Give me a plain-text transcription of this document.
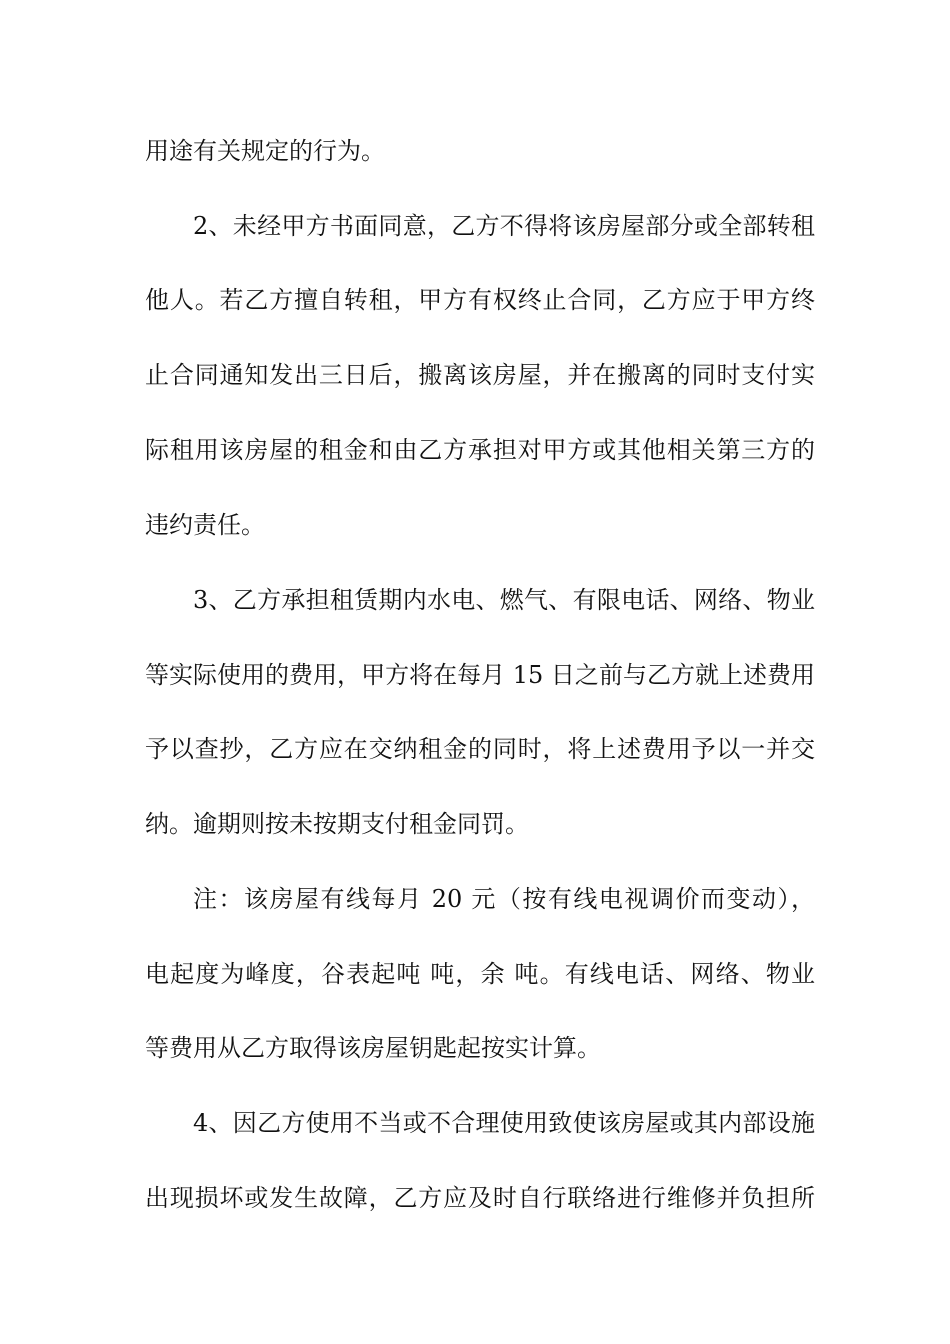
用途有关规定的行为。
2、未经甲方书面同意，乙方不得将该房屋部分或全部转租
他人。若乙方擅自转租，甲方有权终止合同，乙方应于甲方终
止合同通知发出三日后，搬离该房屋，并在搬离的同时支付实
际租用该房屋的租金和由乙方承担对甲方或其他相关第三方的
违约责任。
3、乙方承担租赁期内水电、燃气、有限电话、网络、物业
等实际使用的费用，甲方将在每月 15 日之前与乙方就上述费用
予以查抄，乙方应在交纳租金的同时，将上述费用予以一并交
纳。逾期则按未按期支付租金同罚。
注：该房屋有线每月 20 元（按有线电视调价而变动），
电起度为峰度，谷表起吨 吨，余 吨。有线电话、网络、物业
等费用从乙方取得该房屋钥匙起按实计算。
4、因乙方使用不当或不合理使用致使该房屋或其内部设施
出现损坏或发生故障，乙方应及时自行联络进行维修并负担所
